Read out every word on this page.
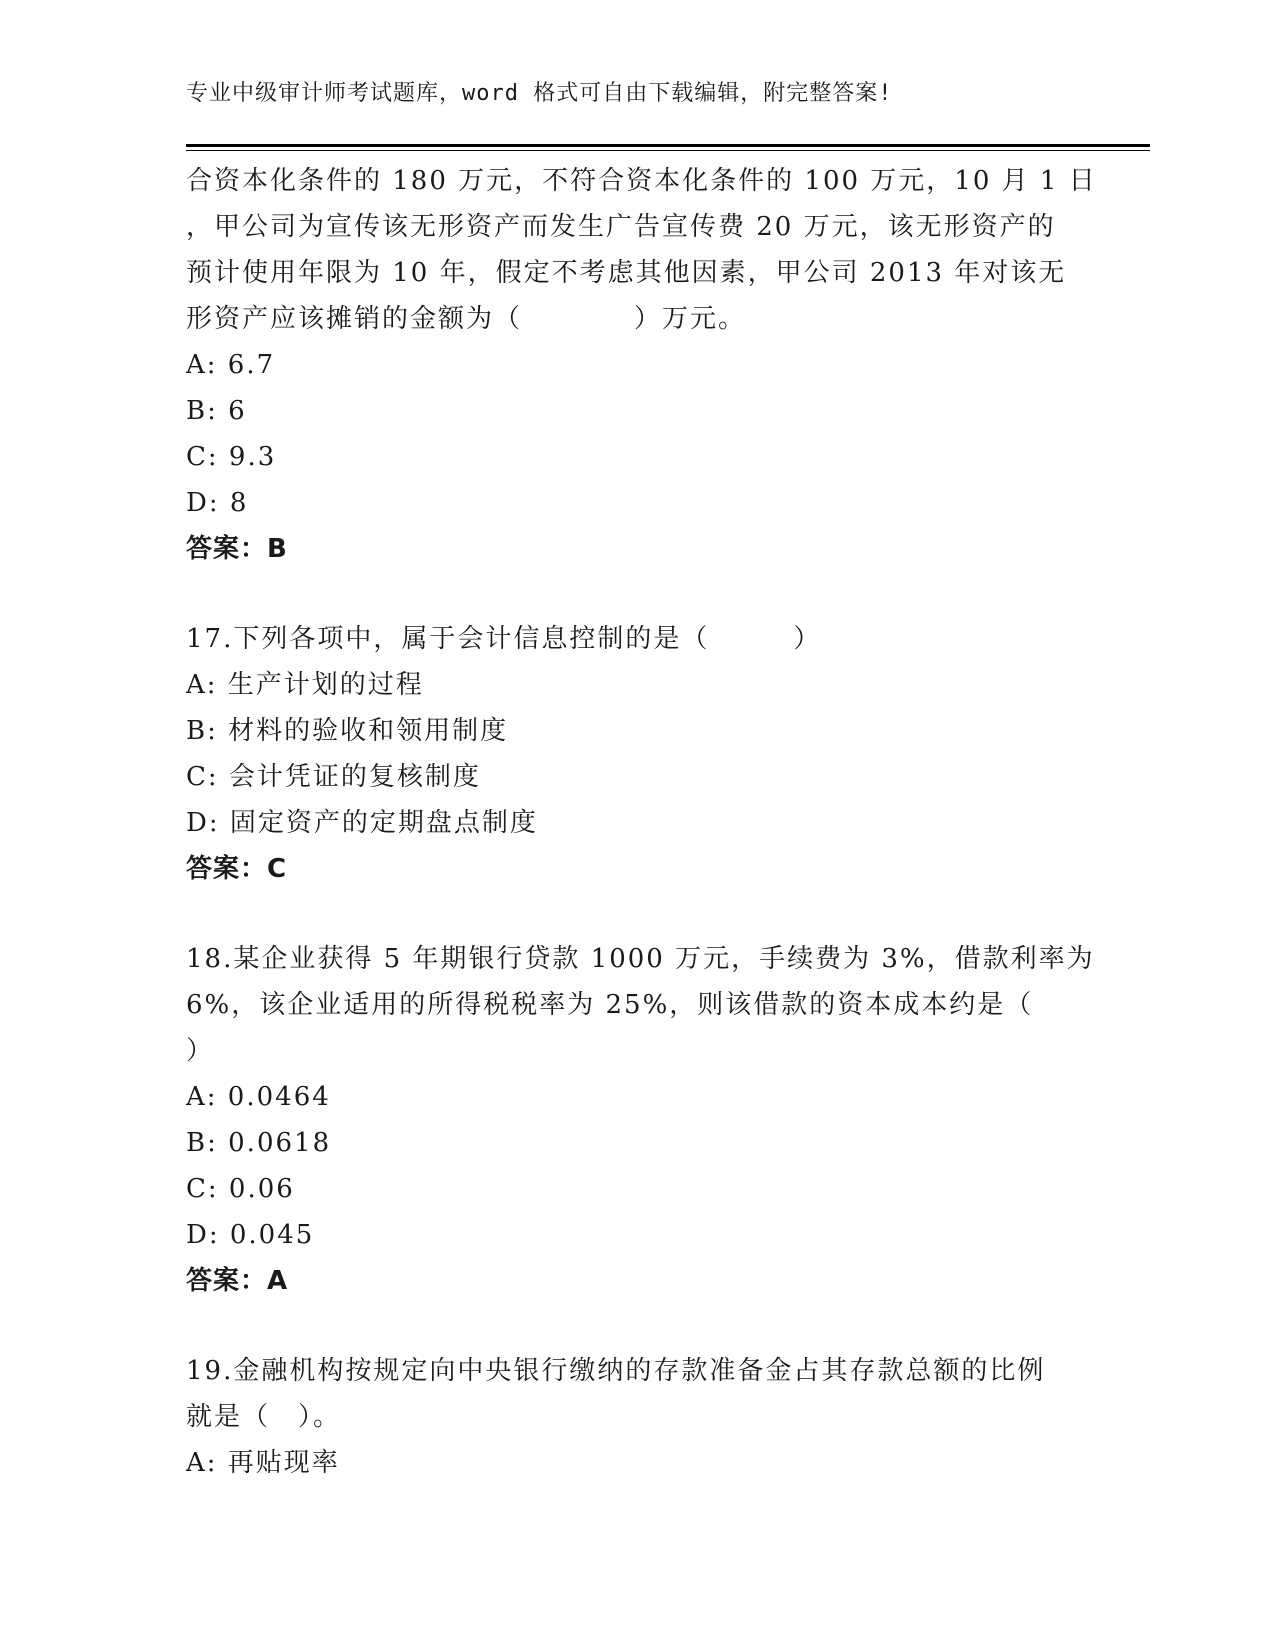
专业中级审计师考试题库，word 格式可自由下载编辑，附完整答案!
合资本化条件的 180 万元，不符合资本化条件的 100 万元，10 月 1 日
，甲公司为宣传该无形资产而发生广告宣传费 20 万元，该无形资产的
预计使用年限为 10 年，假定不考虑其他因素，甲公司 2013 年对该无
形资产应该摊销的金额为（　　　　）万元。
A: 6.7
B: 6
C: 9.3
D: 8
答案：B
17.下列各项中，属于会计信息控制的是（　　　）
A: 生产计划的过程
B: 材料的验收和领用制度
C: 会计凭证的复核制度
D: 固定资产的定期盘点制度
答案：C
18.某企业获得 5 年期银行贷款 1000 万元，手续费为 3%，借款利率为
6%，该企业适用的所得税税率为 25%，则该借款的资本成本约是（
）
A: 0.0464
B: 0.0618
C: 0.06
D: 0.045
答案：A
19.金融机构按规定向中央银行缴纳的存款准备金占其存款总额的比例
就是（　）。
A: 再贴现率
